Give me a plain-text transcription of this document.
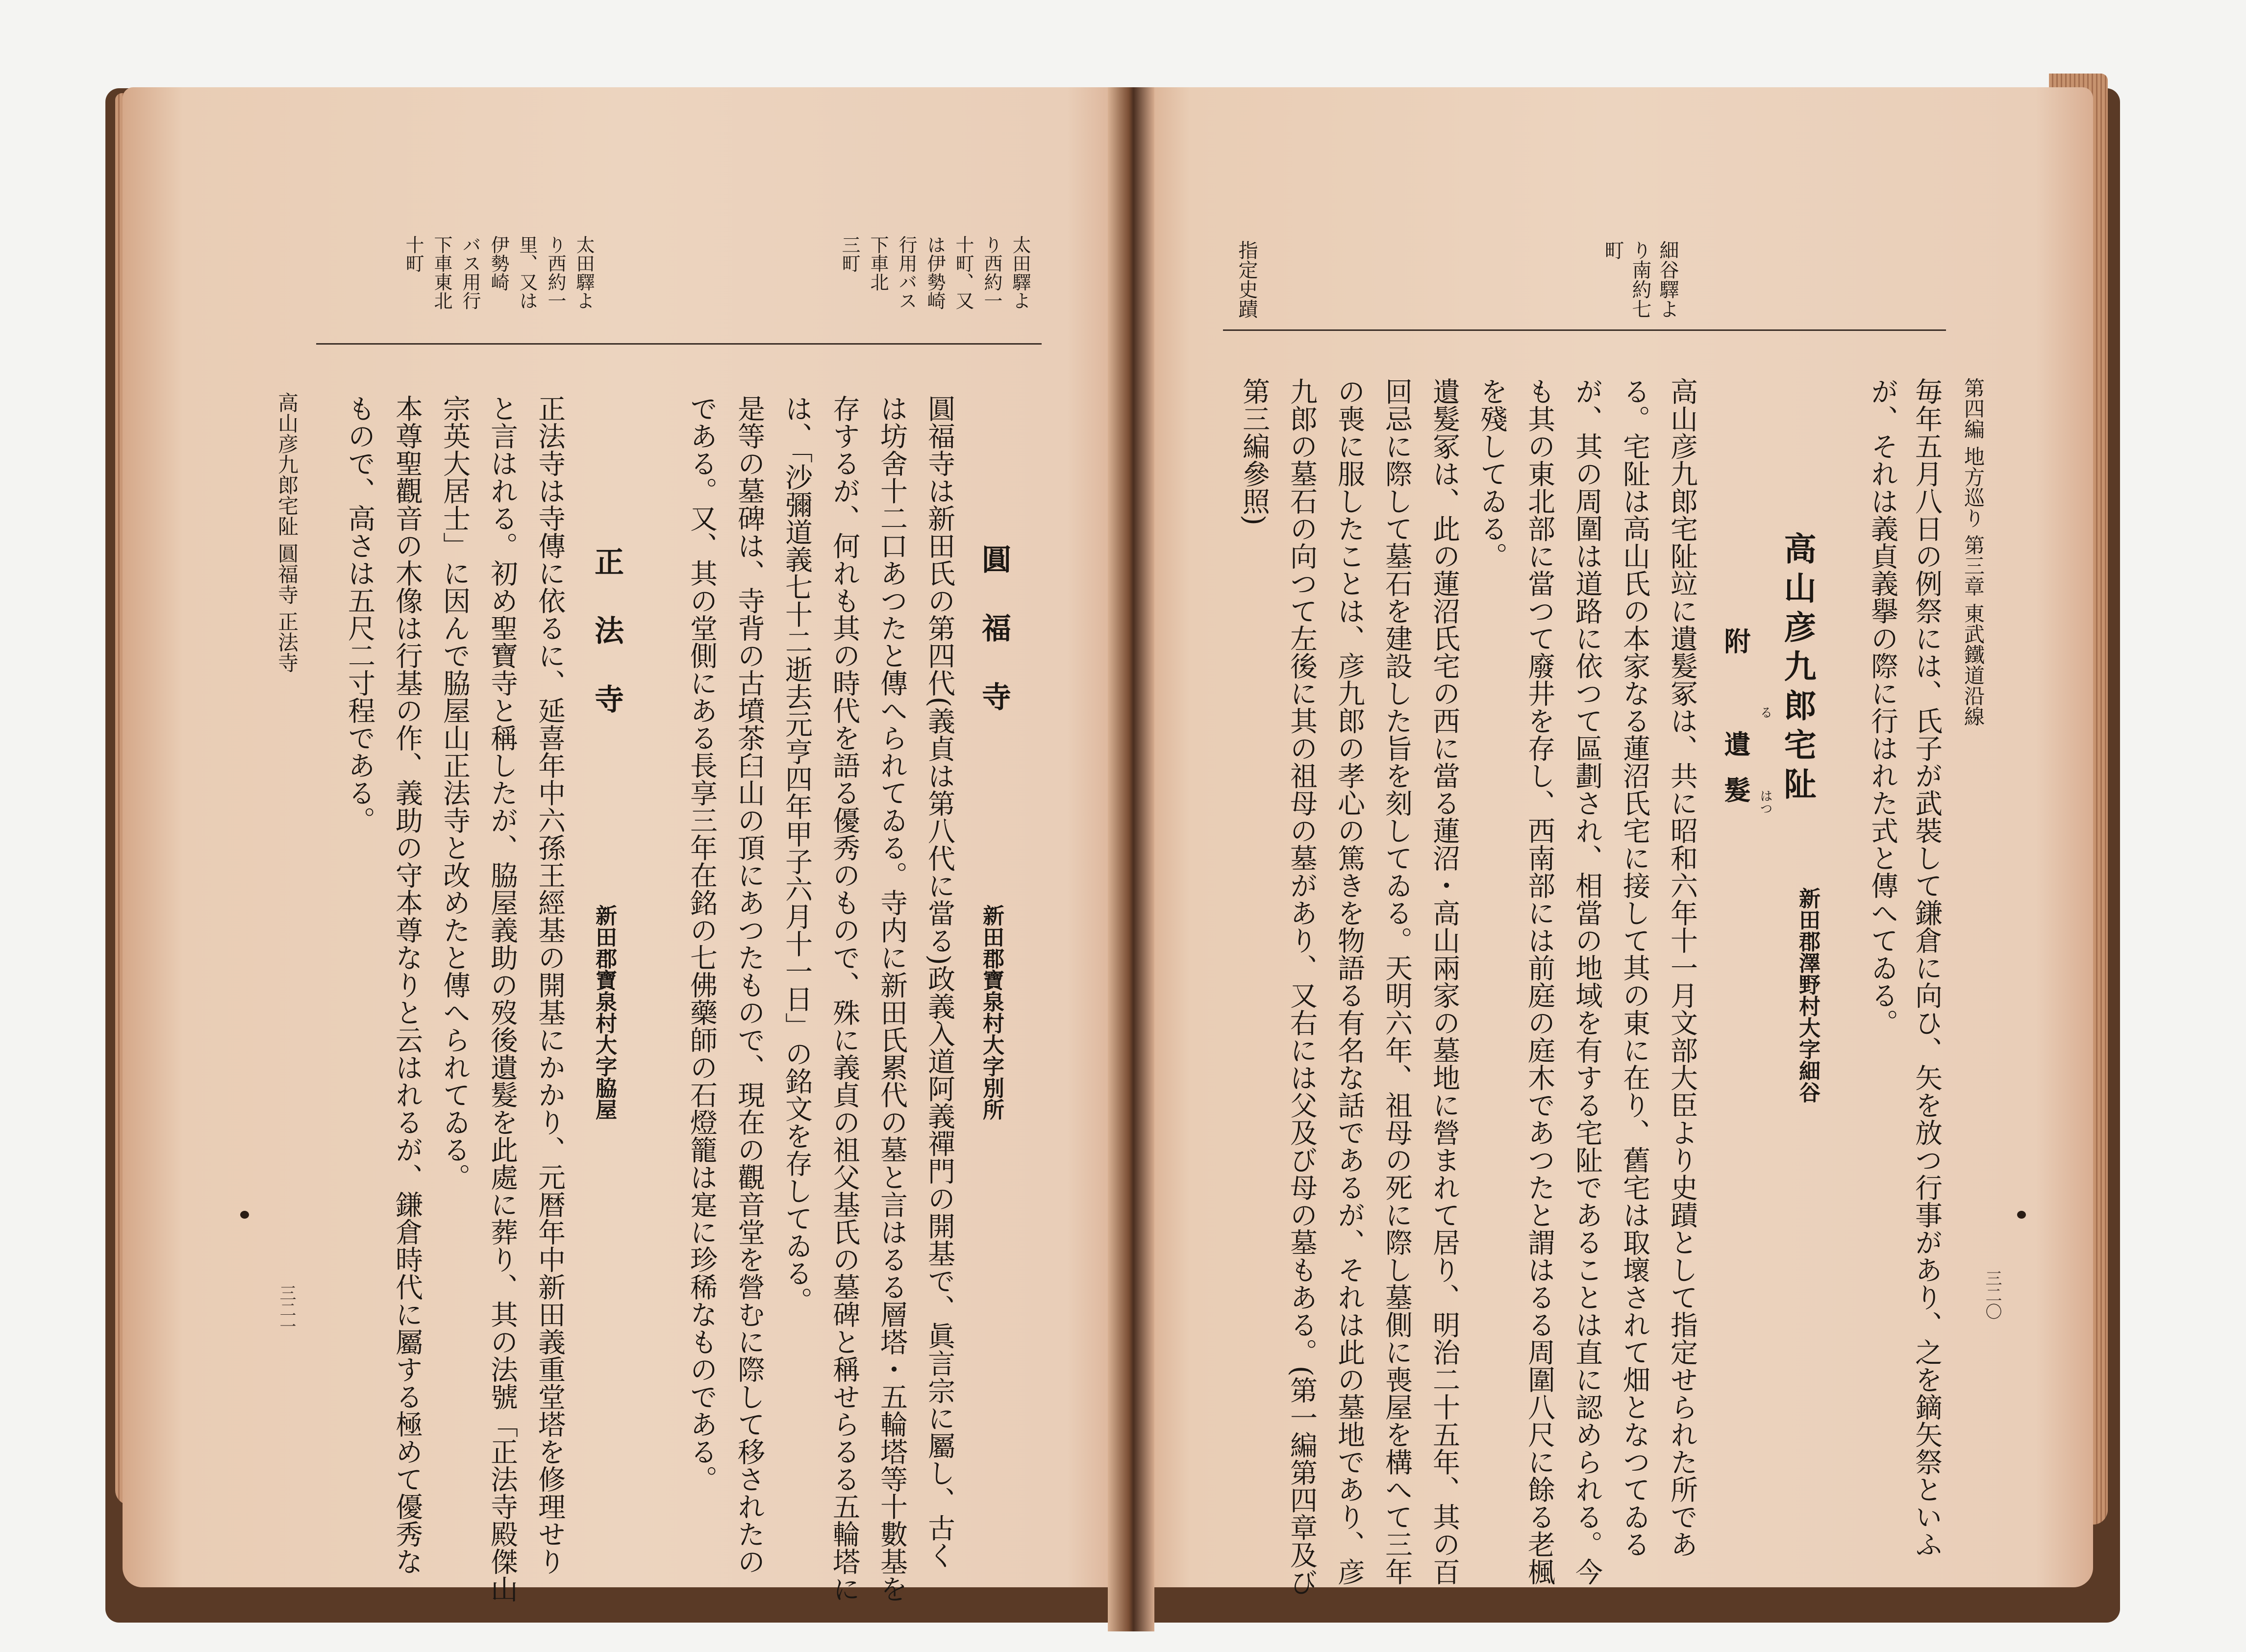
細谷驛よ
り南約七
町
指定史蹟
第四編 地方巡り 第三章 東武鐵道沿線
三二〇
毎年五月八日の例祭には、氏子が武裝して鎌倉に向ひ、矢を放つ行事があり、之を鏑矢祭といふ
が、それは義貞義擧の際に行はれた式と傳へてゐる。
高山彦九郎宅阯
附
る
遺髮 はつ
新田郡澤野村大字細谷
高山彦九郎宅阯竝に遺髮冢は、共に昭和六年十一月文部大臣より史蹟として指定せられた所であ
る。宅阯は高山氏の本家なる蓮沼氏宅に接して其の東に在り、舊宅は取壞されて畑となつてゐる
が、其の周圍は道路に依つて區劃され、相當の地域を有する宅阯であることは直に認められる。今
も其の東北部に當つて廢井を存し、西南部には前庭の庭木であつたと謂はるる周圍八尺に餘る老楓
を殘してゐる。
遺髮冢は、此の蓮沼氏宅の西に當る蓮沼・高山兩家の墓地に營まれて居り、明治二十五年、其の百
回忌に際して墓石を建設した旨を刻してゐる。天明六年、祖母の死に際し墓側に喪屋を構へて三年
の喪に服したことは、彦九郎の孝心の篤きを物語る有名な話であるが、それは此の墓地であり、彦
九郎の墓石の向つて左後に其の祖母の墓があり、又右には父及び母の墓もある。(第一編第四章及び
第三編參照)
太田驛よ
り西約一
十町、又
は伊勢崎
行用バス
下車北
三町
太田驛よ
り西約一
里、又は
伊勢崎
バス用行
下車東北
十町
圓福寺
新田郡寶泉村大字別所
圓福寺は新田氏の第四代(義貞は第八代に當る)政義入道阿義禪門の開基で、眞言宗に屬し、古く
は坊舍十二口あつたと傳へられてゐる。寺内に新田氏累代の墓と言はるる層塔・五輪塔等十數基を
存するが、何れも其の時代を語る優秀のもので、殊に義貞の祖父基氏の墓碑と稱せらるる五輪塔に
は、「沙彌道義七十二逝去元亨四年甲子六月十一日」の銘文を存してゐる。
是等の墓碑は、寺背の古墳茶臼山の頂にあつたもので、現在の觀音堂を營むに際して移されたの
である。又、其の堂側にある長享三年在銘の七佛藥師の石燈籠は寔に珍稀なものである。
正法寺
新田郡寶泉村大字脇屋
正法寺は寺傳に依るに、延喜年中六孫王經基の開基にかかり、元暦年中新田義重堂塔を修理せり
と言はれる。初め聖寶寺と稱したが、脇屋義助の歿後遺髮を此處に葬り、其の法號「正法寺殿傑山
宗英大居士」に因んで脇屋山正法寺と改めたと傳へられてゐる。
本尊聖觀音の木像は行基の作、義助の守本尊なりと云はれるが、鎌倉時代に屬する極めて優秀な
もので、高さは五尺二寸程である。
高山彦九郎宅阯 圓福寺 正法寺
三二一
